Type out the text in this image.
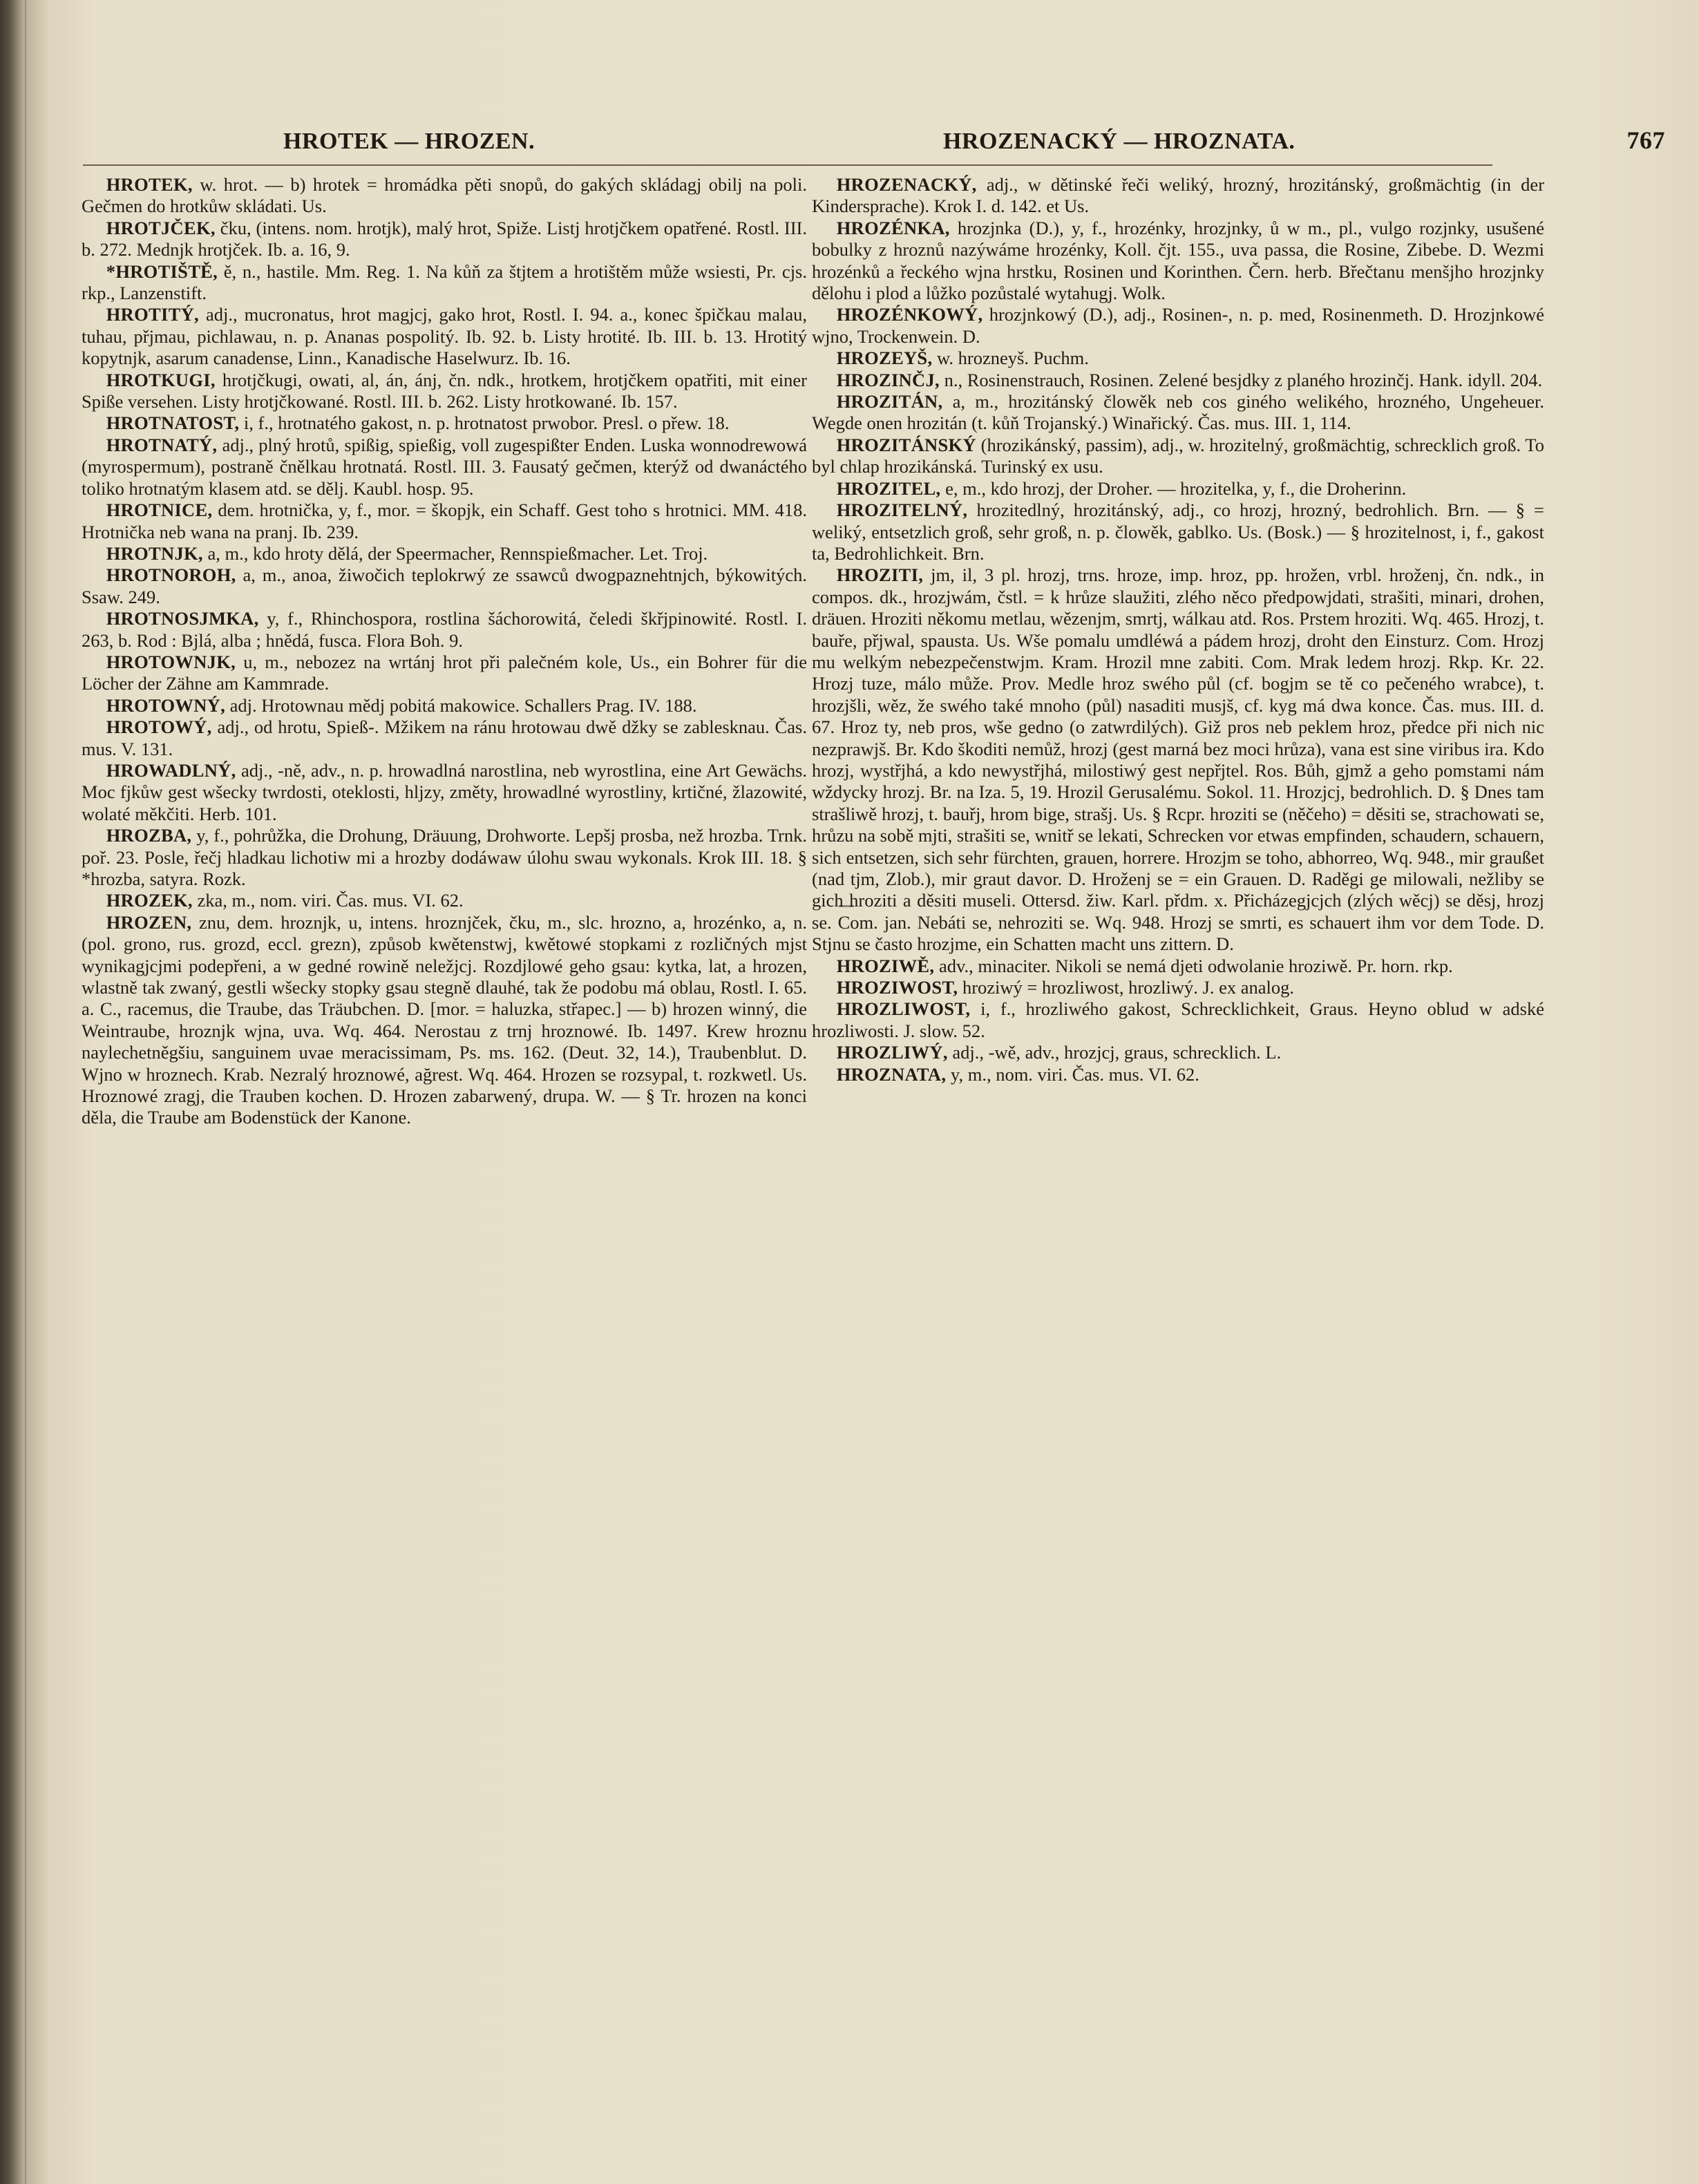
HROTEK — HROZEN.	HROZENACKÝ — HROZNATA.	767

HROTEK, w. hrot. — b) hrotek = hromádka pěti snopů, do gakých skládagj obilj na poli. Gečmen do hrotkůw skládati. Us.

HROTJČEK, čku, (intens. nom. hrotjk), malý hrot, Spiže. Listj hrotjčkem opatřené. Rostl. III. b. 272. Mednjk hrotjček. Ib. a. 16, 9.

*HROTIŠTĚ, ě, n., hastile. Mm. Reg. 1. Na kůň za štjtem a hrotištěm může wsiesti, Pr. cjs. rkp., Lanzenstift.

HROTITÝ, adj., mucronatus, hrot magjcj, gako hrot, Rostl. I. 94. a., konec špičkau malau, tuhau, přjmau, pichlawau, n. p. Ananas pospolitý. Ib. 92. b. Listy hrotité. Ib. III. b. 13. Hrotitý kopytnjk, asarum canadense, Linn., Kanadische Haselwurz. Ib. 16.

HROTKUGI, hrotjčkugi, owati, al, án, ánj, čn. ndk., hrotkem, hrotjčkem opatřiti, mit einer Spiße versehen. Listy hrotjčkowané. Rostl. III. b. 262. Listy hrotkowané. Ib. 157.

HROTNATOST, i, f., hrotnatého gakost, n. p. hrotnatost prwobor. Presl. o přew. 18.

HROTNATÝ, adj., plný hrotů, spißig, spießig, voll zugespißter Enden. Luska wonnodrewowá (myrospermum), postraně čnělkau hrotnatá. Rostl. III. 3. Fausatý gečmen, kterýž od dwanáctého toliko hrotnatým klasem atd. se dělj. Kaubl. hosp. 95.

HROTNICE, dem. hrotnička, y, f., mor. = škopjk, ein Schaff. Gest toho s hrotnici. MM. 418. Hrotnička neb wana na pranj. Ib. 239.

HROTNJK, a, m., kdo hroty dělá, der Speermacher, Rennspießmacher. Let. Troj.

HROTNOROH, a, m., anoa, žiwočich teplokrwý ze ssawců dwogpaznehtnjch, býkowitých. Ssaw. 249.

HROTNOSJMKA, y, f., Rhinchospora, rostlina šáchorowitá, čeledi škřjpinowité. Rostl. I. 263, b. Rod : Bjlá, alba ; hnědá, fusca. Flora Boh. 9.

HROTOWNJK, u, m., nebozez na wrtánj hrot při palečném kole, Us., ein Bohrer für die Löcher der Zähne am Kammrade.

HROTOWNÝ, adj. Hrotownau mědj pobitá makowice. Schallers Prag. IV. 188.

HROTOWÝ, adj., od hrotu, Spieß-. Mžikem na ránu hrotowau dwě džky se zablesknau. Čas. mus. V. 131.

HROWADLNÝ, adj., -ně, adv., n. p. hrowadlná narostlina, neb wyrostlina, eine Art Gewächs. Moc fjkůw gest wšecky twrdosti, oteklosti, hljzy, změty, hrowadlné wyrostliny, krtičné, žlazowité, wolaté měkčiti. Herb. 101.

HROZBA, y, f., pohrůžka, die Drohung, Dräuung, Drohworte. Lepšj prosba, než hrozba. Trnk. poř. 23. Posle, řečj hladkau lichotiw mi a hrozby dodáwaw úlohu swau wykonals. Krok III. 18. § *hrozba, satyra. Rozk.

HROZEK, zka, m., nom. viri. Čas. mus. VI. 62.

HROZEN, znu, dem. hroznjk, u, intens. hroznjček, čku, m., slc. hrozno, a, hrozénko, a, n. (pol. grono, rus. grozd, eccl. grezn), způsob kwětenstwj, kwětowé stopkami z rozličných mjst wynikagjcjmi podepřeni, a w gedné rowině neležjcj. Rozdjlowé geho gsau: kytka, lat, a hrozen, wlastně tak zwaný, gestli wšecky stopky gsau stegně dlauhé, tak že podobu má oblau, Rostl. I. 65. a. C., racemus, die Traube, das Träubchen. D. [mor. = haluzka, střapec.] — b) hrozen winný, die Weintraube, hroznjk wjna, uva. Wq. 464. Nerostau z trnj hroznowé. Ib. 1497. Krew hroznu naylechetněgšiu, sanguinem uvae meracissimam, Ps. ms. 162. (Deut. 32, 14.), Traubenblut. D. Wjno w hroznech. Krab. Nezralý hroznowé, ağrest. Wq. 464. Hrozen se rozsypal, t. rozkwetl. Us. Hroznowé zragj, die Trauben kochen. D. Hrozen zabarwený, drupa. W. — § Tr. hrozen na konci děla, die Traube am Bodenstück der Kanone.

HROZENACKÝ, adj., w dětinské řeči weliký, hrozný, hrozitánský, großmächtig (in der Kindersprache). Krok I. d. 142. et Us.

HROZÉNKA, hrozjnka (D.), y, f., hrozénky, hrozjnky, ů w m., pl., vulgo rozjnky, usušené bobulky z hroznů nazýwáme hrozénky, Koll. čjt. 155., uva passa, die Rosine, Zibebe. D. Wezmi hrozénků a řeckého wjna hrstku, Rosinen und Korinthen. Čern. herb. Břečtanu menšjho hrozjnky dělohu i plod a lůžko pozůstalé wytahugj. Wolk.

HROZÉNKOWÝ, hrozjnkowý (D.), adj., Rosinen-, n. p. med, Rosinenmeth. D. Hrozjnkowé wjno, Trockenwein. D.

HROZEYŠ, w. hrozneyš. Puchm.

HROZINČJ, n., Rosinenstrauch, Rosinen. Zelené besjdky z planého hrozinčj. Hank. idyll. 204.

HROZITÁN, a, m., hrozitánský člowěk neb cos giného welikého, hrozného, Ungeheuer. Wegde onen hrozitán (t. kůň Trojanský.) Winařický. Čas. mus. III. 1, 114.

HROZITÁNSKÝ (hrozikánský, passim), adj., w. hrozitelný, großmächtig, schrecklich groß. To byl chlap hrozikánská. Turinský ex usu.

HROZITEL, e, m., kdo hrozj, der Droher. — hrozitelka, y, f., die Droherinn.

HROZITELNÝ, hrozitedlný, hrozitánský, adj., co hrozj, hrozný, bedrohlich. Brn. — § = weliký, entsetzlich groß, sehr groß, n. p. člowěk, gablko. Us. (Bosk.) — § hrozitelnost, i, f., gakost ta, Bedrohlichkeit. Brn.

HROZITI, jm, il, 3 pl. hrozj, trns. hroze, imp. hroz, pp. hrožen, vrbl. hroženj, čn. ndk., in compos. dk., hrozjwám, čstl. = k hrůze slaužiti, zlého něco předpowjdati, strašiti, minari, drohen, dräuen. Hroziti někomu metlau, wězenjm, smrtj, wálkau atd. Ros. Prstem hroziti. Wq. 465. Hrozj, t. bauře, přjwal, spausta. Us. Wše pomalu umdléwá a pádem hrozj, droht den Einsturz. Com. Hrozj mu welkým nebezpečenstwjm. Kram. Hrozil mne zabiti. Com. Mrak ledem hrozj. Rkp. Kr. 22. Hrozj tuze, málo může. Prov. Medle hroz swého půl (cf. bogjm se tě co pečeného wrabce), t. hrozjšli, wěz, že swého také mnoho (půl) nasaditi musjš, cf. kyg má dwa konce. Čas. mus. III. d. 67. Hroz ty, neb pros, wše gedno (o zatwrdilých). Giž pros neb peklem hroz, předce při nich nic nezprawjš. Br. Kdo škoditi nemůž, hrozj (gest marná bez moci hrůza), vana est sine viribus ira. Kdo hrozj, wystřjhá, a kdo newystřjhá, milostiwý gest nepřjtel. Ros. Bůh, gjmž a geho pomstami nám wždycky hrozj. Br. na Iza. 5, 19. Hrozil Gerusalému. Sokol. 11. Hrozjcj, bedrohlich. D. § Dnes tam strašliwě hrozj, t. bauřj, hrom bige, strašj. Us. § Rcpr. hroziti se (něčeho) = děsiti se, strachowati se, hrůzu na sobě mjti, strašiti se, wnitř se lekati, Schrecken vor etwas empfinden, schaudern, schauern, sich entsetzen, sich sehr fürchten, grauen, horrere. Hrozjm se toho, abhorreo, Wq. 948., mir graußet (nad tjm, Zlob.), mir graut davor. D. Hroženj se = ein Grauen. D. Raděgi ge milowali, nežliby se gich hroziti a děsiti museli. Ottersd. žiw. Karl. přdm. x. Přicházegjcjch (zlých wěcj) se děsj, hrozj se. Com. jan. Nebáti se, nehroziti se. Wq. 948. Hrozj se smrti, es schauert ihm vor dem Tode. D. Stjnu se často hrozjme, ein Schatten macht uns zittern. D.

HROZIWĚ, adv., minaciter. Nikoli se nemá djeti odwolanie hroziwě. Pr. horn. rkp.

HROZIWOST, hroziwý = hrozliwost, hrozliwý. J. ex analog.

HROZLIWOST, i, f., hrozliwého gakost, Schrecklichkeit, Graus. Heyno oblud w adské hrozliwosti. J. slow. 52.

HROZLIWÝ, adj., -wě, adv., hrozjcj, graus, schrecklich. L.

HROZNATA, y, m., nom. viri. Čas. mus. VI. 62.
